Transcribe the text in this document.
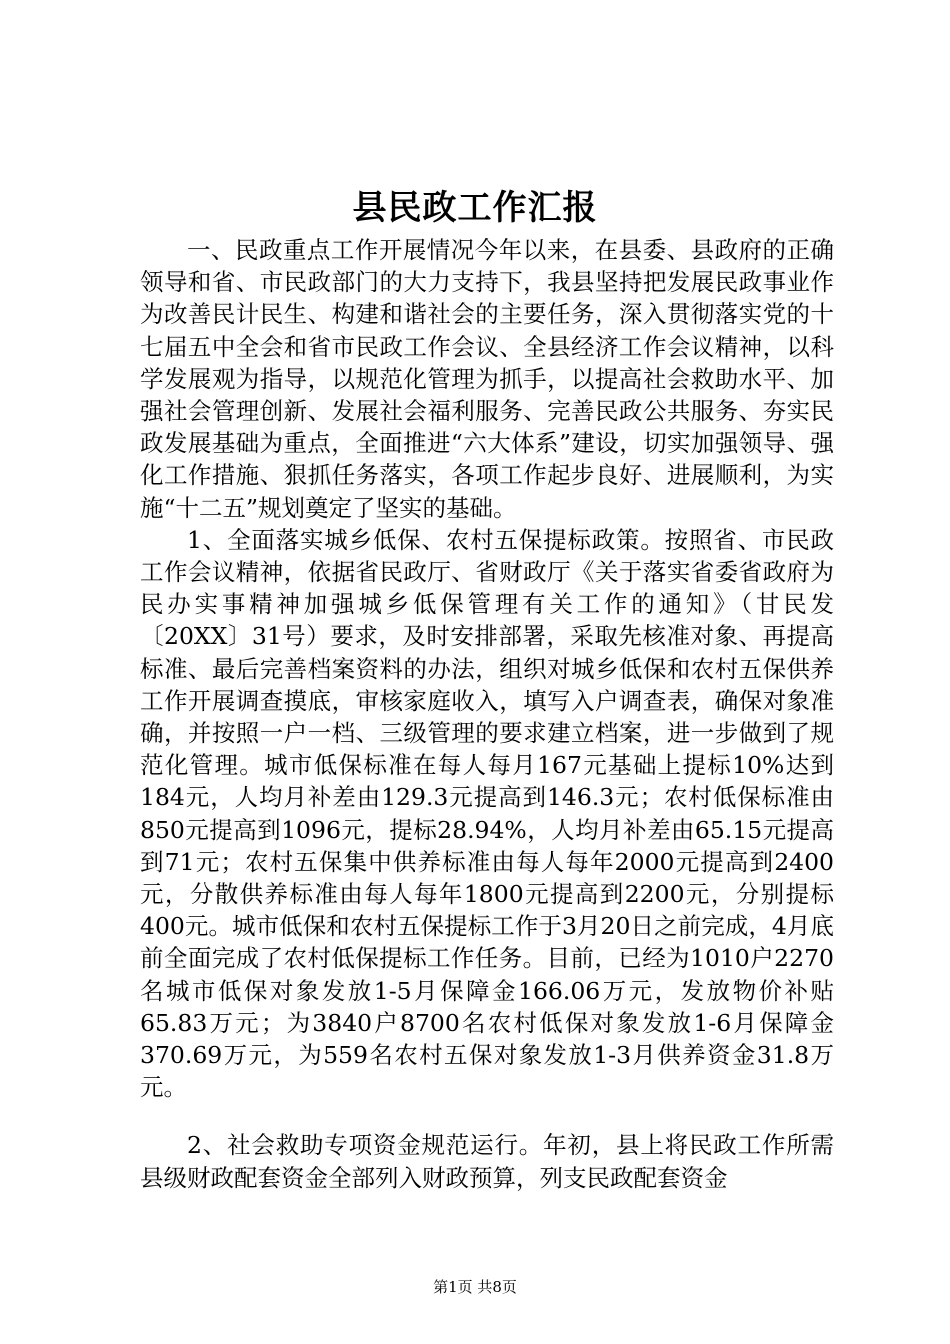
县民政工作汇报

一、民政重点工作开展情况今年以来，在县委、县政府的正确领导和省、市民政部门的大力支持下，我县坚持把发展民政事业作为改善民计民生、构建和谐社会的主要任务，深入贯彻落实党的十七届五中全会和省市民政工作会议、全县经济工作会议精神，以科学发展观为指导，以规范化管理为抓手，以提高社会救助水平、加强社会管理创新、发展社会福利服务、完善民政公共服务、夯实民政发展基础为重点，全面推进“六大体系”建设，切实加强领导、强化工作措施、狠抓任务落实，各项工作起步良好、进展顺利，为实施“十二五”规划奠定了坚实的基础。

1、全面落实城乡低保、农村五保提标政策。按照省、市民政工作会议精神，依据省民政厅、省财政厅《关于落实省委省政府为民办实事精神加强城乡低保管理有关工作的通知》（甘民发〔20XX〕31号）要求，及时安排部署，采取先核准对象、再提高标准、最后完善档案资料的办法，组织对城乡低保和农村五保供养工作开展调查摸底，审核家庭收入，填写入户调查表，确保对象准确，并按照一户一档、三级管理的要求建立档案，进一步做到了规范化管理。城市低保标准在每人每月167元基础上提标10%达到184元，人均月补差由129.3元提高到146.3元；农村低保标准由850元提高到1096元，提标28.94%，人均月补差由65.15元提高到71元；农村五保集中供养标准由每人每年2000元提高到2400元，分散供养标准由每人每年1800元提高到2200元，分别提标400元。城市低保和农村五保提标工作于3月20日之前完成，4月底前全面完成了农村低保提标工作任务。目前，已经为1010户2270名城市低保对象发放1-5月保障金166.06万元，发放物价补贴65.83万元；为3840户8700名农村低保对象发放1-6月保障金370.69万元，为559名农村五保对象发放1-3月供养资金31.8万元。

2、社会救助专项资金规范运行。年初，县上将民政工作所需县级财政配套资金全部列入财政预算，列支民政配套资金

第1页 共8页
